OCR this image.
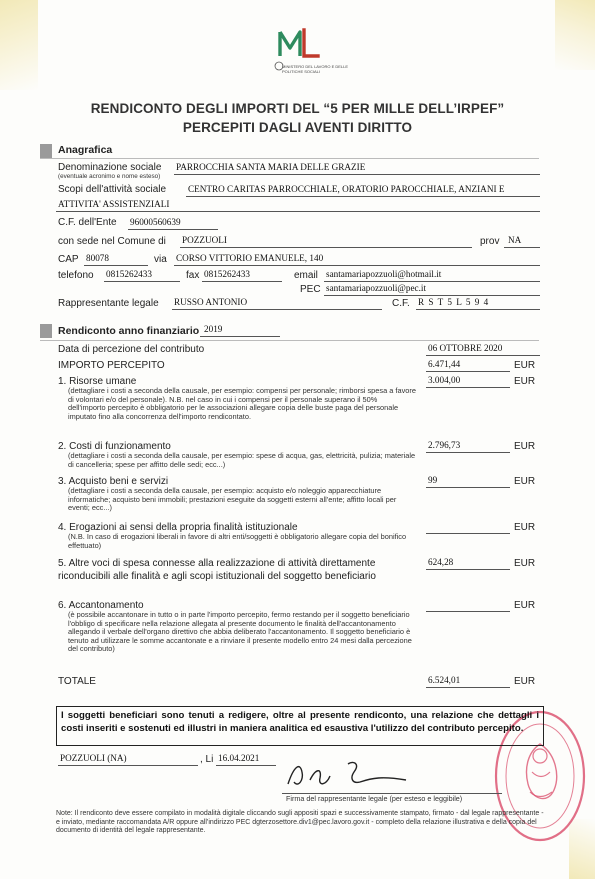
MINISTERO DEL LAVORO E DELLE POLITICHE SOCIALI
RENDICONTO DEGLI IMPORTI DEL “5 PER MILLE DELL’IRPEF”
PERCEPITI DAGLI AVENTI DIRITTO
Anagrafica
Denominazione sociale
(eventuale acronimo e nome esteso)
PARROCCHIA SANTA MARIA DELLE GRAZIE
Scopi dell'attività sociale CENTRO CARITAS PARROCCHIALE, ORATORIO PAROCCHIALE, ANZIANI E
ATTIVITA' ASSISTENZIALI
C.F. dell'Ente 96000560639
con sede nel Comune di POZZUOLI	prov NA
CAP 80078	via CORSO VITTORIO EMANUELE, 140
telefono 0815262433	fax 0815262433	email santamariapozzuoli@hotmail.it
PEC santamariapozzuoli@pec.it
Rappresentante legale RUSSO ANTONIO	C.F. R S T 5 L 5 9 4
Rendiconto anno finanziario 2019
Data di percezione del contributo	06 OTTOBRE 2020
IMPORTO PERCEPITO	6.471,44	EUR
1. Risorse umane
(dettagliare i costi a seconda della causale, per esempio: compensi per personale; rimborsi spesa a favore di volontari e/o del personale). N.B. nel caso in cui i compensi per il personale superano il 50% dell'importo percepito è obbligatorio per le associazioni allegare copia delle buste paga del personale imputato fino alla concorrenza dell'importo rendicontato.
3.004,00	EUR
2. Costi di funzionamento
(dettagliare i costi a seconda della causale, per esempio: spese di acqua, gas, elettricità, pulizia; materiale di cancelleria; spese per affitto delle sedi; ecc...)
2.796,73	EUR
3. Acquisto beni e servizi
(dettagliare i costi a seconda della causale, per esempio: acquisto e/o noleggio apparecchiature informatiche; acquisto beni immobili; prestazioni eseguite da soggetti esterni all'ente; affitto locali per eventi; ecc...)
99	EUR
4. Erogazioni ai sensi della propria finalità istituzionale
(N.B. In caso di erogazioni liberali in favore di altri enti/soggetti è obbligatorio allegare copia del bonifico effettuato)
EUR
5. Altre voci di spesa connesse alla realizzazione di attività direttamente riconducibili alle finalità e agli scopi istituzionali del soggetto beneficiario
624,28	EUR
6. Accantonamento
(è possibile accantonare in tutto o in parte l'importo percepito, fermo restando per il soggetto beneficiario l'obbligo di specificare nella relazione allegata al presente documento le finalità dell'accantonamento allegando il verbale dell'organo direttivo che abbia deliberato l'accantonamento. Il soggetto beneficiario è tenuto ad utilizzare le somme accantonate e a rinviare il presente modello entro 24 mesi dalla percezione del contributo)
EUR
TOTALE	6.524,01	EUR
I soggetti beneficiari sono tenuti a redigere, oltre al presente rendiconto, una relazione che dettagli i costi inseriti e sostenuti ed illustri in maniera analitica ed esaustiva l'utilizzo del contributo percepito.
POZZUOLI (NA)	, Li 16.04.2021
Firma del rappresentante legale (per esteso e leggibile)
Note: Il rendiconto deve essere compilato in modalità digitale cliccando sugli appositi spazi e successivamente stampato, firmato - dal legale rappresentante - e inviato, mediante raccomandata A/R oppure all'indirizzo PEC dgterzosettore.div1@pec.lavoro.gov.it - completo della relazione illustrativa e della copia del documento di identità del legale rappresentante.
